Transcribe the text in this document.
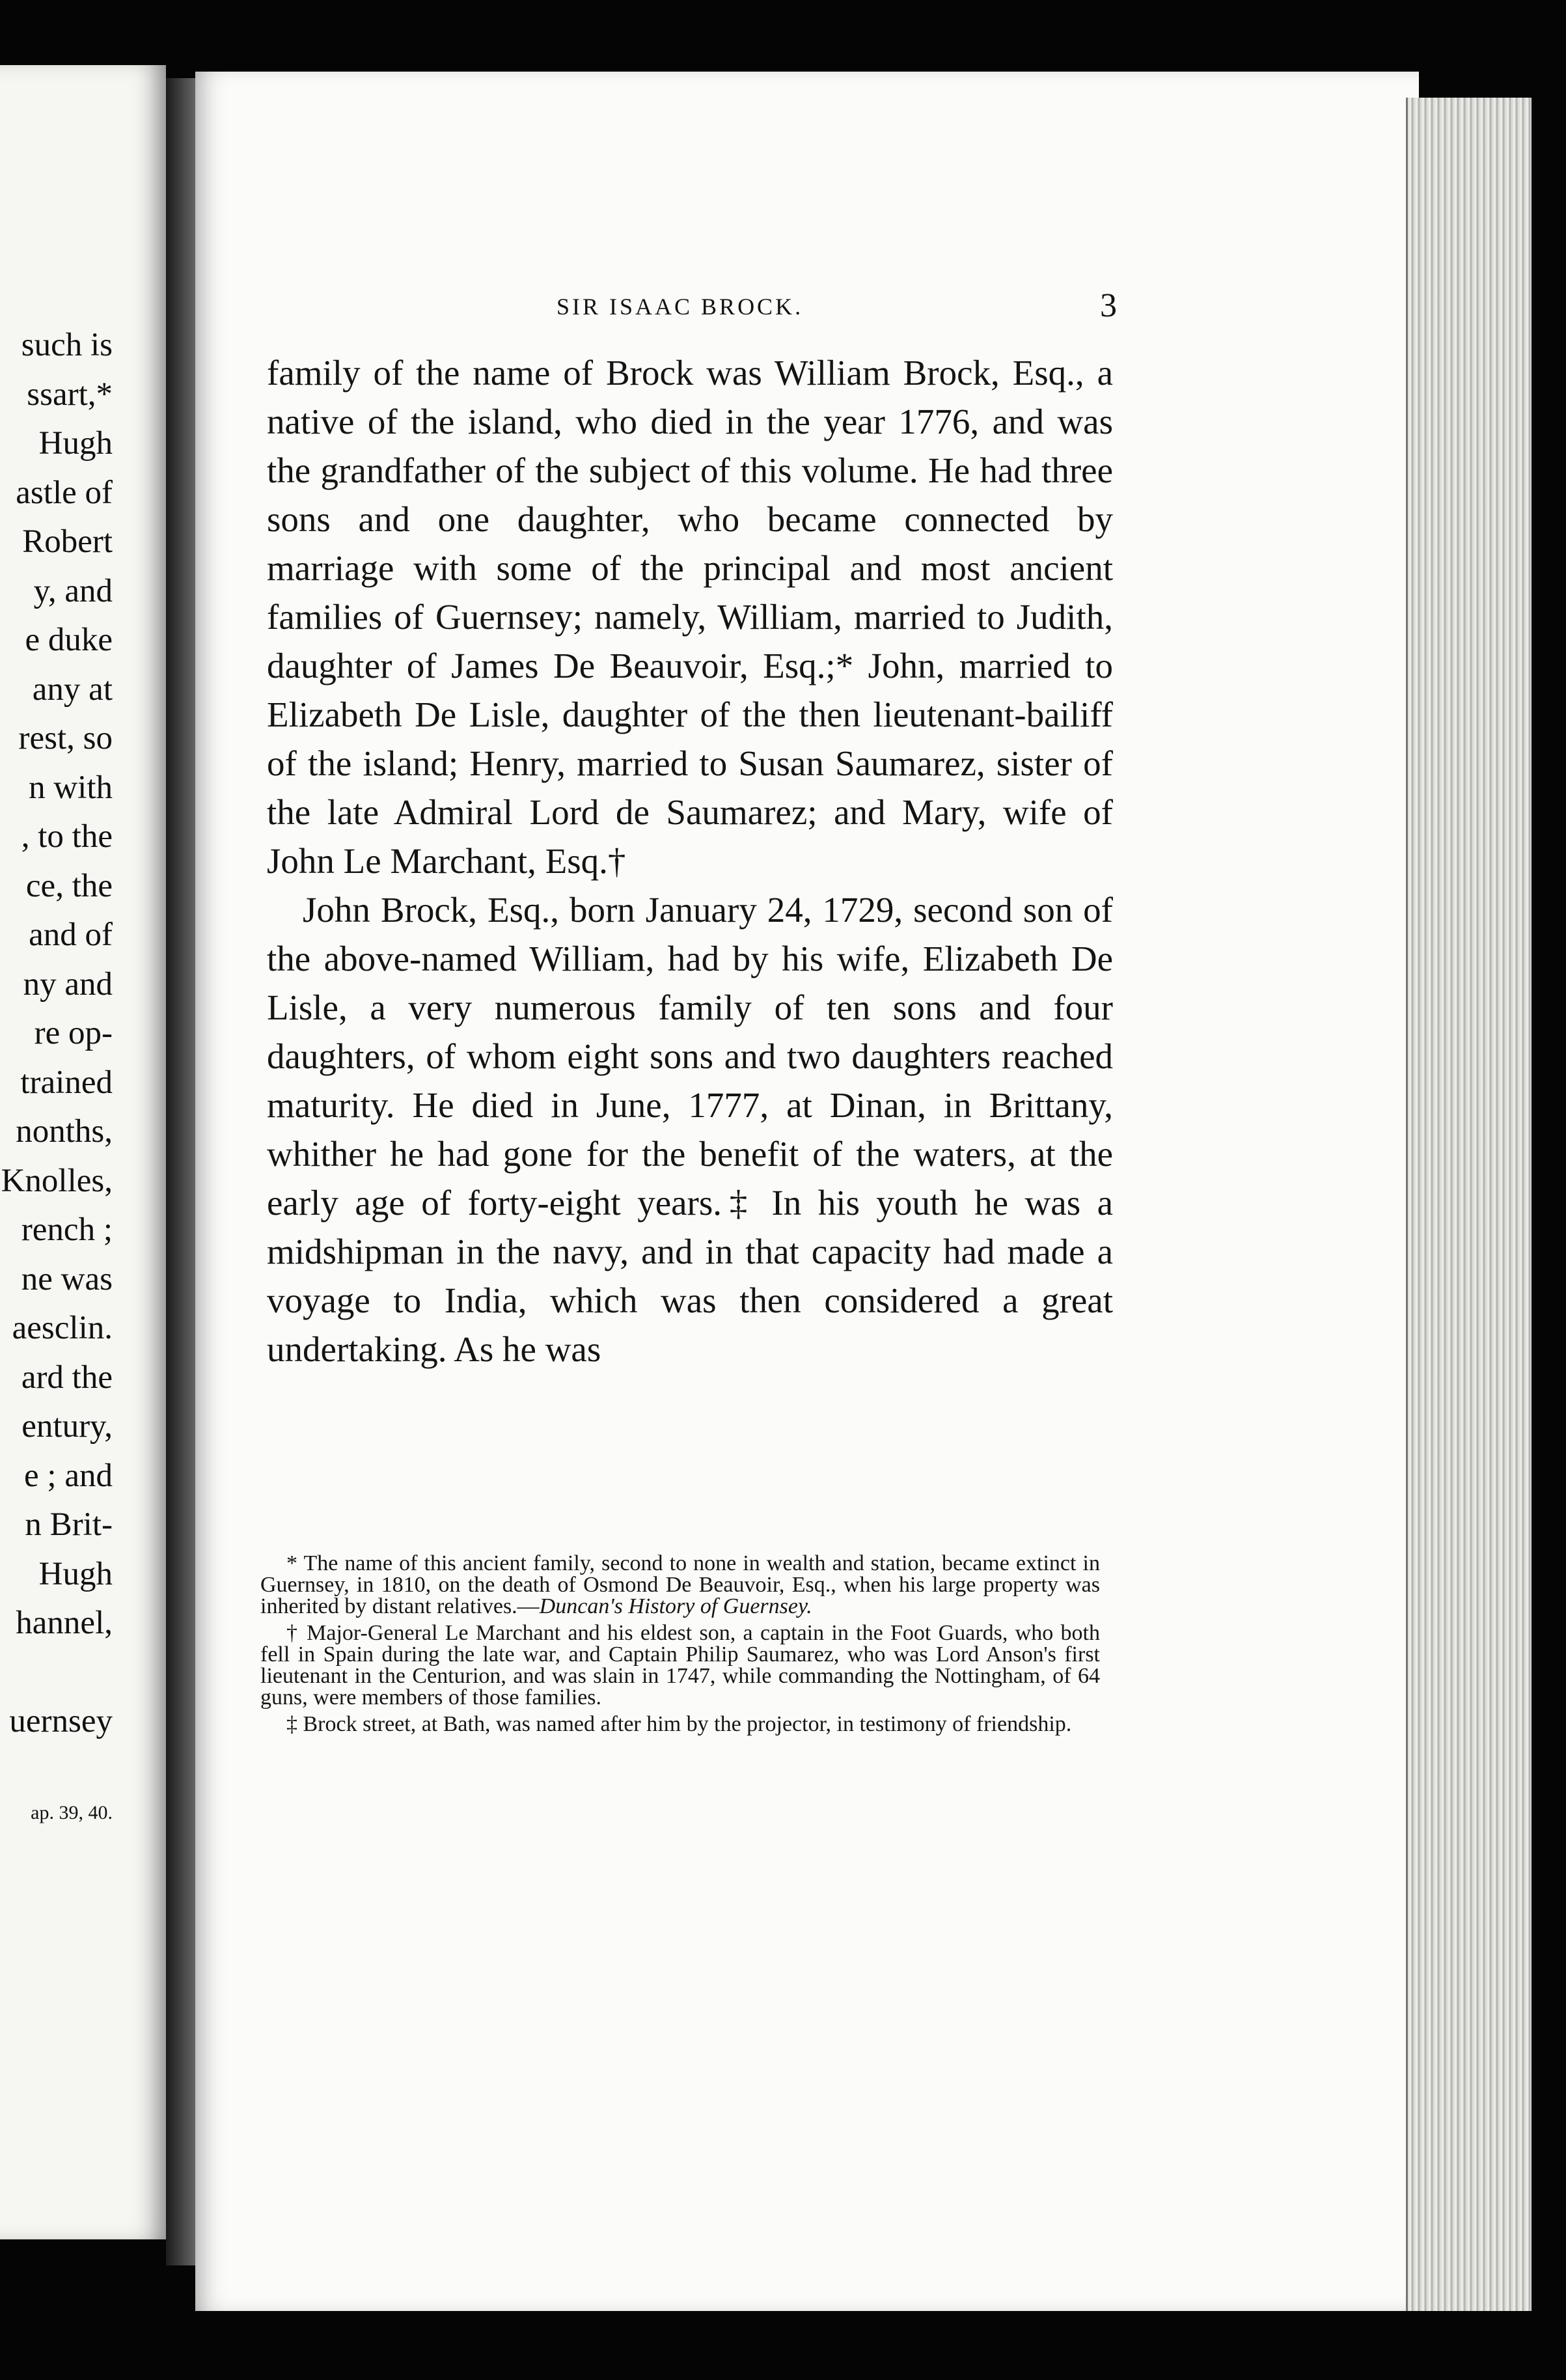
such is
ssart,*
Hugh
astle of
Robert
y, and
e duke
any at
rest, so
n with
, to the
ce, the
and of
ny and
re op-
trained
nonths,
Knolles,
rench ;
ne was
aesclin.
ard the
entury,
e ; and
n Brit-
Hugh
hannel,
uernsey
ap. 39, 40.
SIR ISAAC BROCK.	3

family of the name of Brock was William Brock, Esq., a native of the island, who died in the year 1776, and was the grandfather of the subject of this volume. He had three sons and one daughter, who became connected by marriage with some of the principal and most ancient families of Guernsey; namely, William, married to Judith, daughter of James De Beauvoir, Esq.;* John, married to Elizabeth De Lisle, daughter of the then lieutenant-bailiff of the island; Henry, married to Susan Saumarez, sister of the late Admiral Lord de Saumarez; and Mary, wife of John Le Marchant, Esq.†

John Brock, Esq., born January 24, 1729, second son of the above-named William, had by his wife, Elizabeth De Lisle, a very numerous family of ten sons and four daughters, of whom eight sons and two daughters reached maturity. He died in June, 1777, at Dinan, in Brittany, whither he had gone for the benefit of the waters, at the early age of forty-eight years.‡ In his youth he was a midshipman in the navy, and in that capacity had made a voyage to India, which was then considered a great undertaking. As he was

* The name of this ancient family, second to none in wealth and station, became extinct in Guernsey, in 1810, on the death of Osmond De Beauvoir, Esq., when his large property was inherited by distant relatives.—Duncan's History of Guernsey.

† Major-General Le Marchant and his eldest son, a captain in the Foot Guards, who both fell in Spain during the late war, and Captain Philip Saumarez, who was Lord Anson's first lieutenant in the Centurion, and was slain in 1747, while commanding the Nottingham, of 64 guns, were members of those families.

‡ Brock street, at Bath, was named after him by the projector, in testimony of friendship.
